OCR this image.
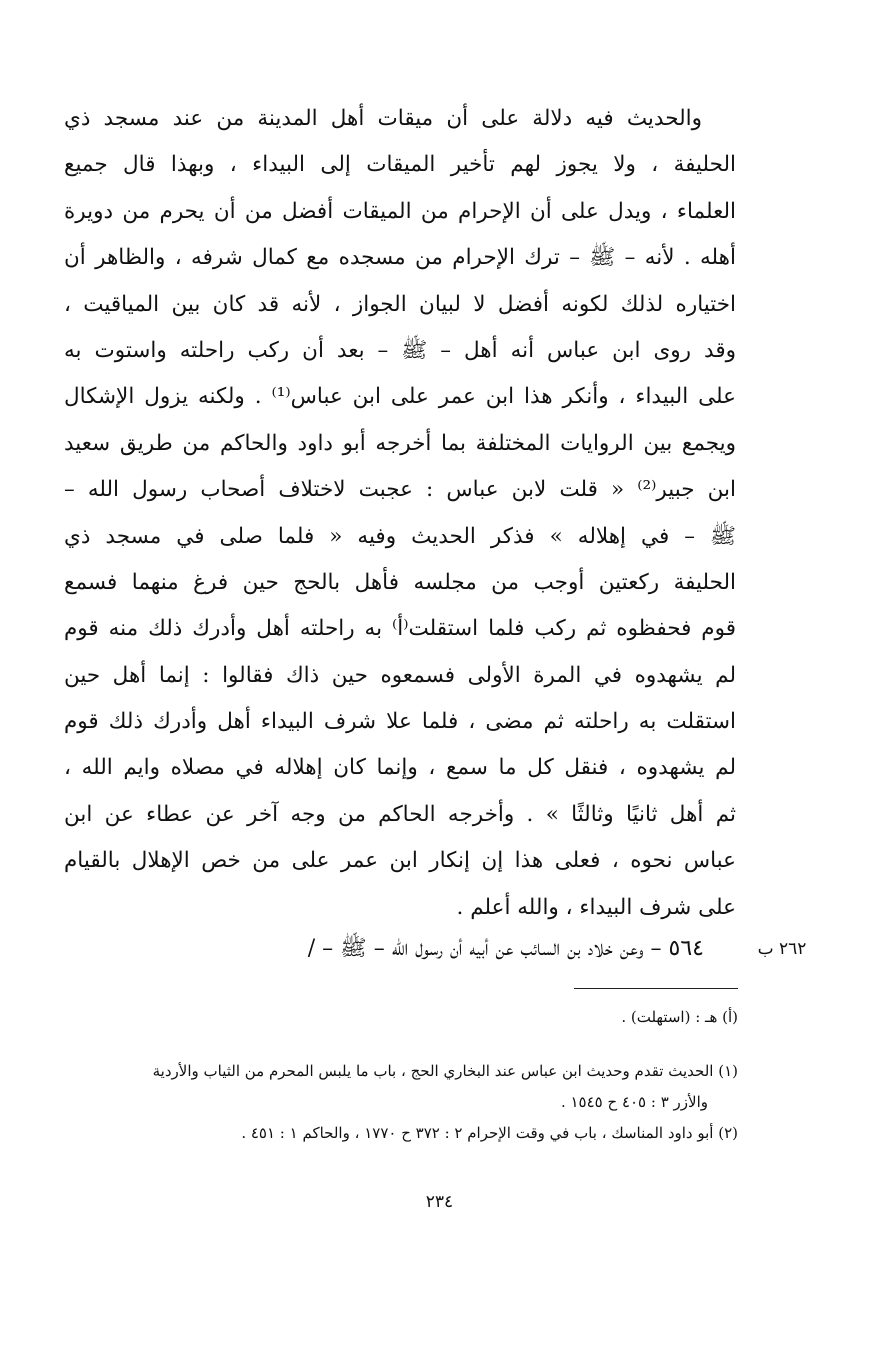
والحديث فيه دلالة على أن ميقات أهل المدينة من عند مسجد ذي
الحليفة ، ولا يجوز لهم تأخير الميقات إلى البيداء ، وبهذا قال جميع
العلماء ، ويدل على أن الإحرام من الميقات أفضل من أن يحرم من دويرة
أهله . لأنه – ﷺ – ترك الإحرام من مسجده مع كمال شرفه ، والظاهر أن
اختياره لذلك لكونه أفضل لا لبيان الجواز ، لأنه قد كان بين المياقيت ،
وقد روى ابن عباس أنه أهل – ﷺ – بعد أن ركب راحلته واستوت به
على البيداء ، وأنكر هذا ابن عمر على ابن عباس⁽¹⁾ . ولكنه يزول الإشكال
ويجمع بين الروايات المختلفة بما أخرجه أبو داود والحاكم من طريق سعيد
ابن جبير⁽²⁾ « قلت لابن عباس : عجبت لاختلاف أصحاب رسول الله –
ﷺ – في إهلاله » فذكر الحديث وفيه « فلما صلى في مسجد ذي
الحليفة ركعتين أوجب من مجلسه فأهل بالحج حين فرغ منهما فسمع
قوم فحفظوه ثم ركب فلما استقلت⁽أ⁾ به راحلته أهل وأدرك ذلك منه قوم
لم يشهدوه في المرة الأولى فسمعوه حين ذاك فقالوا : إنما أهل حين
استقلت به راحلته ثم مضى ، فلما علا شرف البيداء أهل وأدرك ذلك قوم
لم يشهدوه ، فنقل كل ما سمع ، وإنما كان إهلاله في مصلاه وايم الله ،
ثم أهل ثانيًا وثالثًا » . وأخرجه الحاكم من وجه آخر عن عطاء عن ابن
عباس نحوه ، فعلى هذا إن إنكار ابن عمر على من خص الإهلال بالقيام
على شرف البيداء ، والله أعلم .
٥٦٤ – وعن خلاد بن السائب عن أبيه أن رسول الله – ﷺ – /	٢٦٢ ب
(أ) هـ : (استهلت) .
(١) الحديث تقدم وحديث ابن عباس عند البخاري الحج ، باب ما يلبس المحرم من الثياب والأردية
والأزر ٣ : ٤٠٥ ح ١٥٤٥ .
(٢) أبو داود المناسك ، باب في وقت الإحرام ٢ : ٣٧٢ ح ١٧٧٠ ، والحاكم ١ : ٤٥١ .
٢٣٤
